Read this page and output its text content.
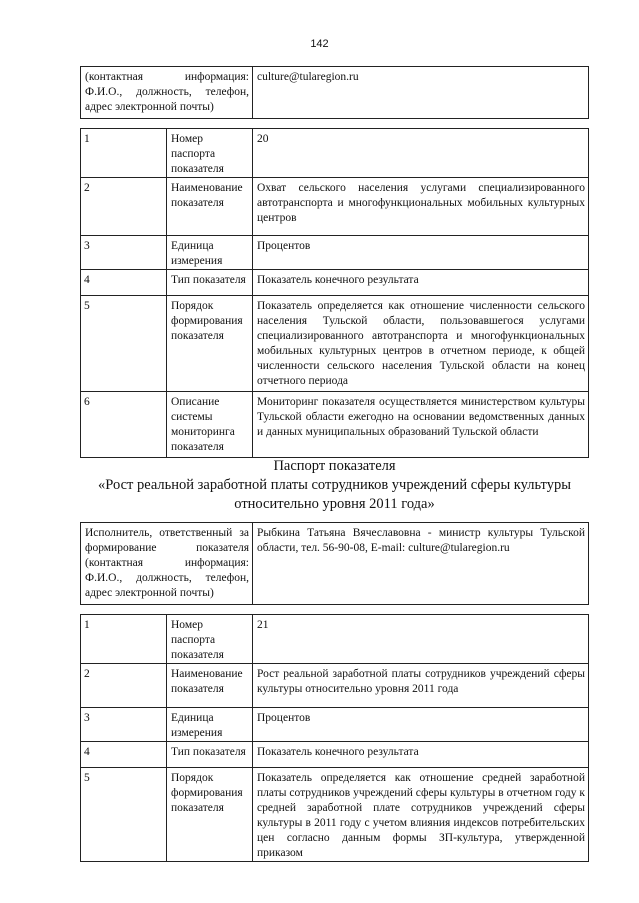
142
(контактная информация: Ф.И.О., должность, телефон, адрес электронной почты)		culture@tularegion.ru

1	Номер паспорта показателя	20
2	Наименование показателя	Охват сельского населения услугами специализированного автотранспорта и многофункциональных мобильных культурных центров
3	Единица измерения	Процентов
4	Тип показателя	Показатель конечного результата
5	Порядок формирования показателя	Показатель определяется как отношение численности сельского населения Тульской области, пользовавшегося услугами специализированного автотранспорта и многофункциональных мобильных культурных центров в отчетном периоде, к общей численности сельского населения Тульской области на конец отчетного периода
6	Описание системы мониторинга показателя	Мониторинг показателя осуществляется министерством культуры Тульской области ежегодно на основании ведомственных данных и данных муниципальных образований Тульской области
Паспорт показателя
«Рост реальной заработной платы сотрудников учреждений сферы культуры
относительно уровня 2011 года»
Исполнитель, ответственный за формирование показателя (контактная информация: Ф.И.О., должность, телефон, адрес электронной почты)		Рыбкина Татьяна Вячеславовна - министр культуры Тульской области, тел. 56-90-08, E-mail: culture@tularegion.ru

1	Номер паспорта показателя	21
2	Наименование показателя	Рост реальной заработной платы сотрудников учреждений сферы культуры относительно уровня 2011 года
3	Единица измерения	Процентов
4	Тип показателя	Показатель конечного результата
5	Порядок формирования показателя	Показатель определяется как отношение средней заработной платы сотрудников учреждений сферы культуры в отчетном году к средней заработной плате сотрудников учреждений сферы культуры в 2011 году с учетом влияния индексов потребительских цен согласно данным формы ЗП-культура, утвержденной приказом
